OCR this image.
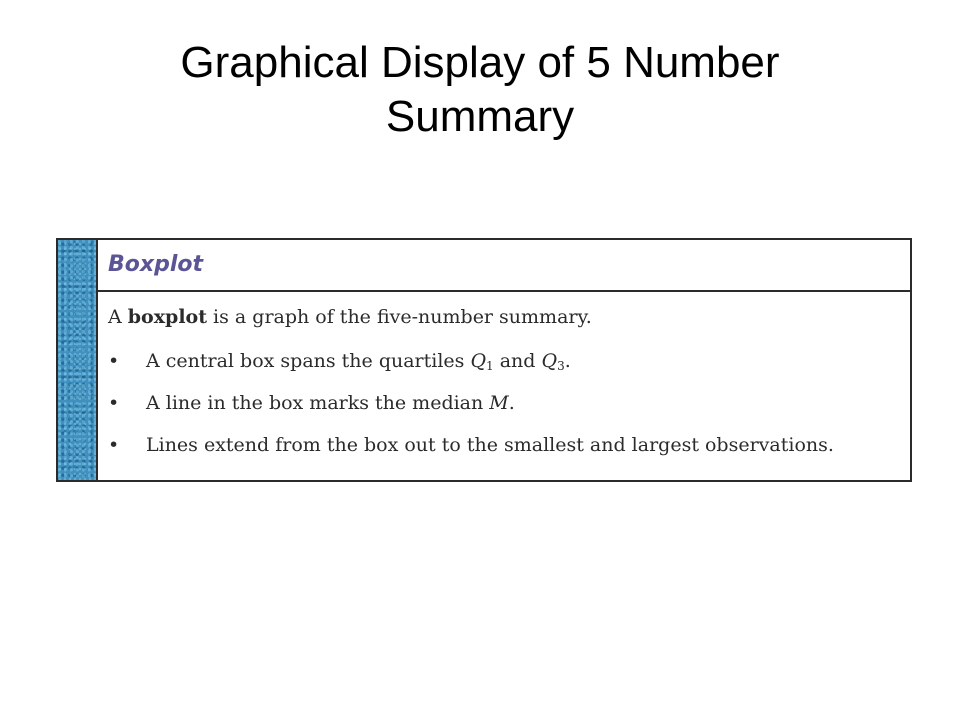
Graphical Display of 5 Number
Summary
Boxplot

A boxplot is a graph of the five-number summary.

• A central box spans the quartiles $Q_1$ and $Q_3$.
• A line in the box marks the median M.
• Lines extend from the box out to the smallest and largest observations.
